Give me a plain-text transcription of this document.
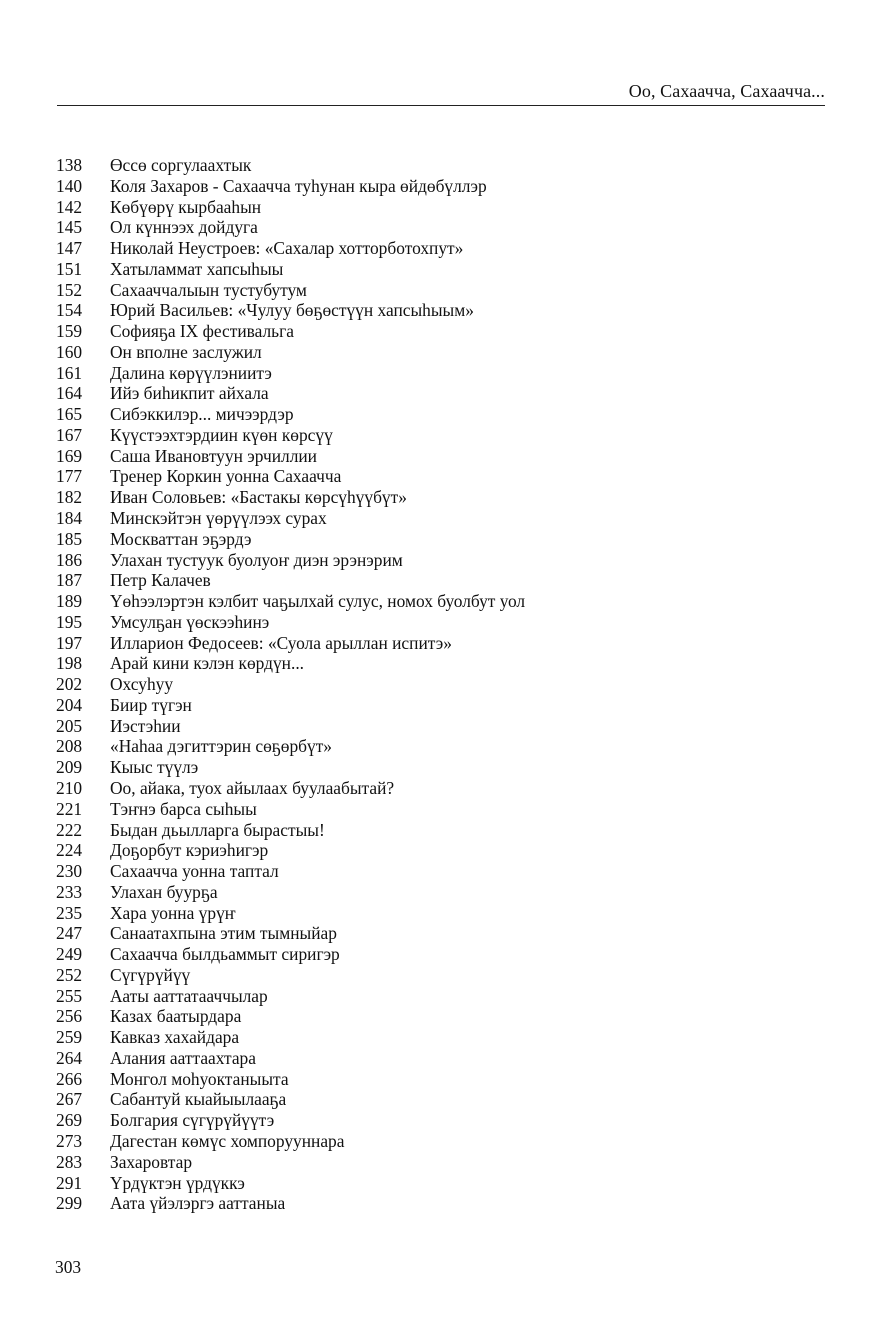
Оо, Сахаачча, Сахаачча...
138	Өссө соргулаахтык
140	Коля Захаров - Сахаачча туһунан кыра өйдөбүллэр
142	Көбүөрү кырбааһын
145	Ол күннээх дойдуга
147	Николай Неустроев: «Сахалар хотторботохпут»
151	Хатыламмат хапсыһыы
152	Сахааччалыын тустубутум
154	Юрий Васильев: «Чулуу бөҕөстүүн хапсыһыым»
159	Софияҕа IX фестивальга
160	Он вполне заслужил
161	Далина көрүүлэниитэ
164	Ийэ биһикпит айхала
165	Сибэккилэр... мичээрдэр
167	Күүстээхтэрдиин күөн көрсүү
169	Саша Ивановтуун эрчиллии
177	Тренер Коркин уонна Сахаачча
182	Иван Соловьев: «Бастакы көрсүһүүбүт»
184	Минскэйтэн үөрүүлээх сурах
185	Москваттан эҕэрдэ
186	Улахан тустуук буолуоҥ диэн эрэнэрим
187	Петр Калачев
189	Үөһээлэртэн кэлбит чаҕылхай сулус, номох буолбут уол
195	Умсулҕан үөскээһинэ
197	Илларион Федосеев: «Суола арыллан испитэ»
198	Арай кини кэлэн көрдүн...
202	Охсуһуу
204	Биир түгэн
205	Иэстэһии
208	«Наһаа дэгиттэрин сөҕөрбүт»
209	Кыыс түүлэ
210	Оо, айака, туох айылаах буулаабытай?
221	Тэҥнэ барса сыһыы
222	Быдан дьылларга бырастыы!
224	Доҕорбут кэриэһигэр
230	Сахаачча уонна таптал
233	Улахан буурҕа
235	Хара уонна үрүҥ
247	Санаатахпына этим тымныйар
249	Сахаачча былдьаммыт сиригэр
252	Сүгүрүйүү
255	Ааты ааттатааччылар
256	Казах баатырдара
259	Кавказ хахайдара
264	Алания ааттаахтара
266	Монгол моһуоктаныыта
267	Сабантуй кыайыылааҕа
269	Болгария сүгүрүйүүтэ
273	Дагестан көмүс хомпорууннара
283	Захаровтар
291	Үрдүктэн үрдүккэ
299	Аата үйэлэргэ ааттаныа
303
